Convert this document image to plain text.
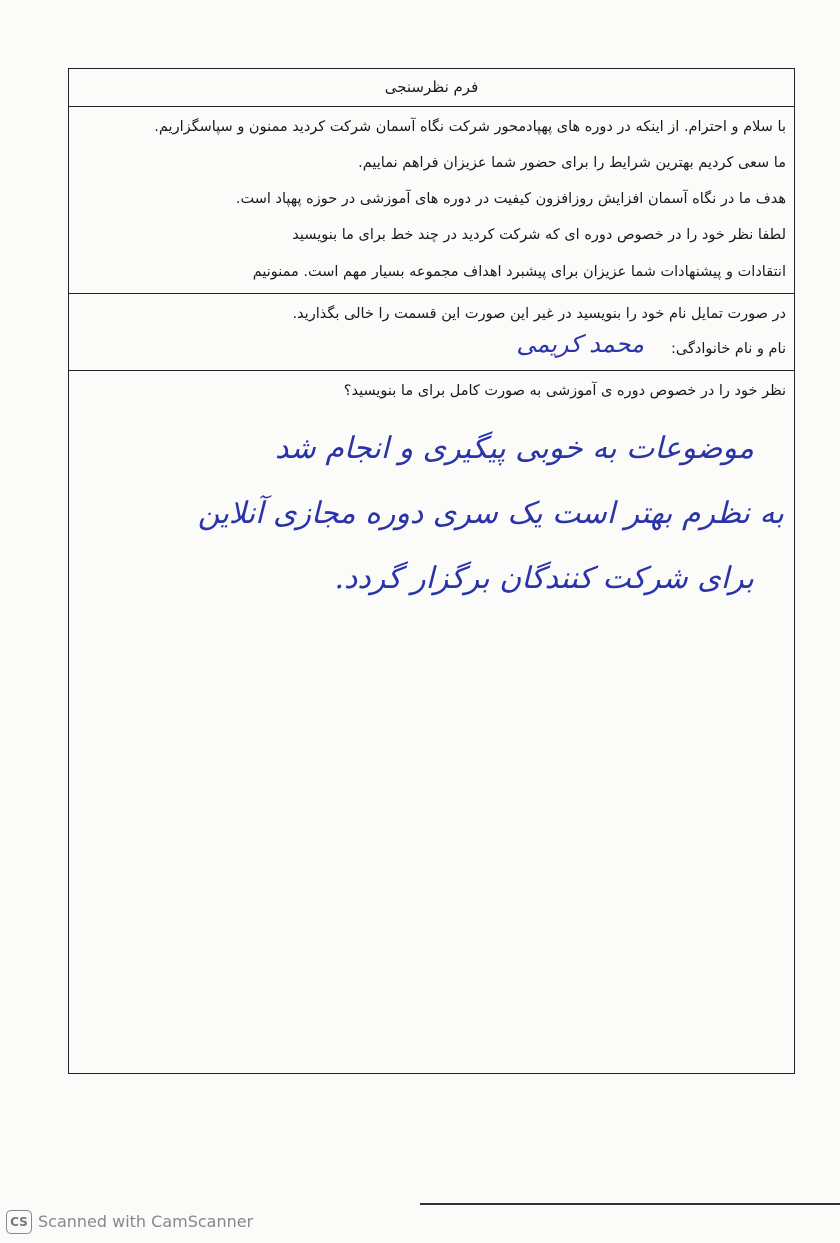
فرم نظرسنجی
با سلام و احترام. از اینکه در دوره های پهپادمحور شرکت نگاه آسمان شرکت کردید ممنون و سپاسگزاریم.
ما سعی کردیم بهترین شرایط را برای حضور شما عزیزان فراهم نماییم.
هدف ما در نگاه آسمان افزایش روزافزون کیفیت در دوره های آموزشی در حوزه پهپاد است.
لطفا نظر خود را در خصوص دوره ای که شرکت کردید در چند خط برای ما بنویسید
انتقادات و پیشنهادات شما عزیزان برای پیشبرد اهداف مجموعه بسیار مهم است. ممنونیم
در صورت تمایل نام خود را بنویسید در غیر این صورت این قسمت را خالی بگذارید.
نام و نام خانوادگی:
محمد کریمی
نظر خود را در خصوص دوره ی آموزشی به صورت کامل برای ما بنویسید؟
موضوعات به خوبی پیگیری و انجام شد
به نظرم بهتر است یک سری دوره مجازی آنلاین
برای شرکت کنندگان برگزار گردد.
CS Scanned with CamScanner
